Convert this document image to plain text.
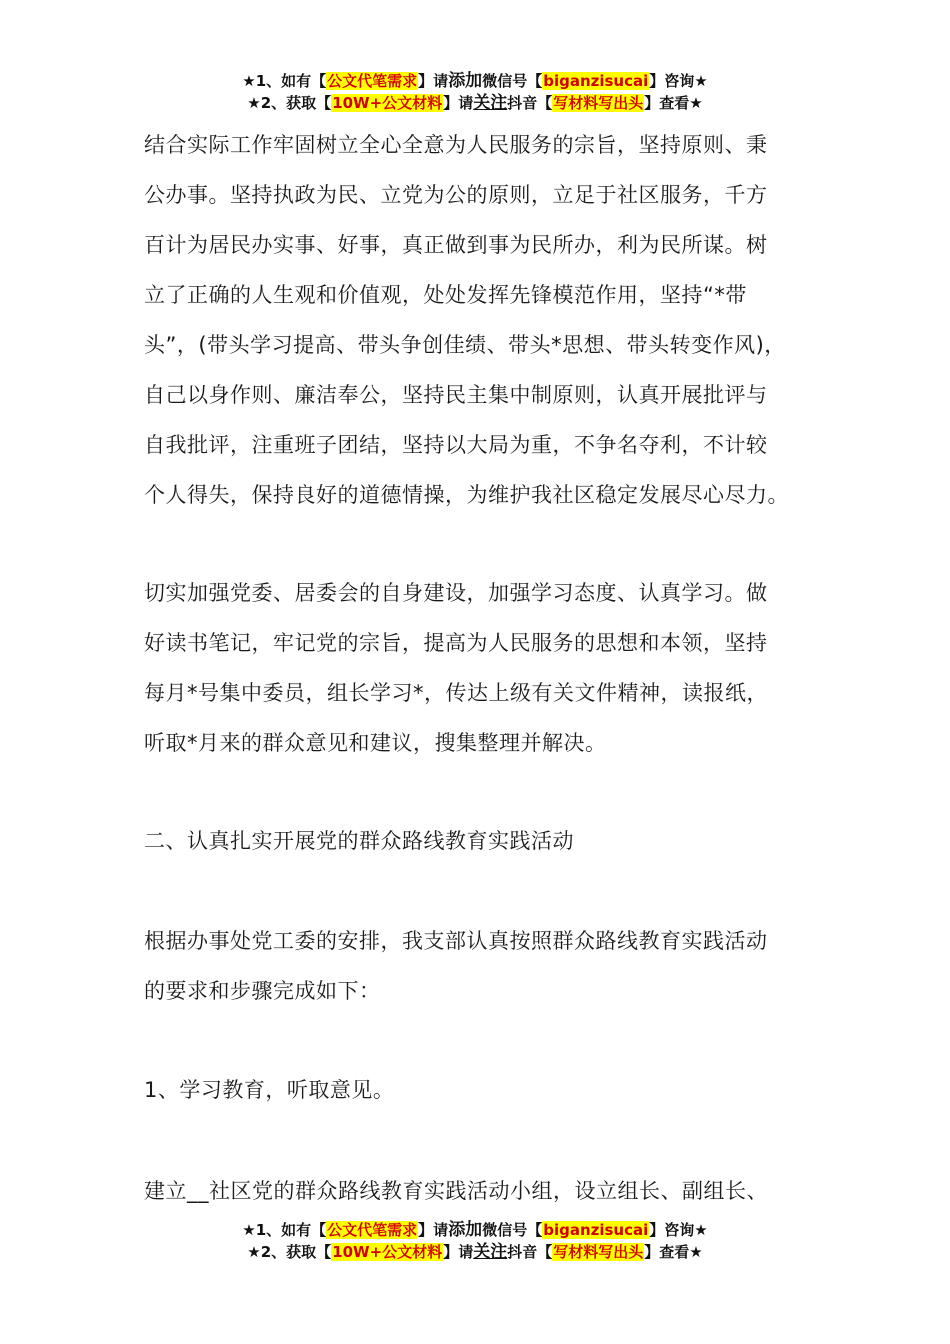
★1、如有【公文代笔需求】请添加微信号【biganzisucai】咨询★
★2、获取【10W+公文材料】请关注抖音【写材料写出头】查看★

结合实际工作牢固树立全心全意为人民服务的宗旨，坚持原则、秉
公办事。坚持执政为民、立党为公的原则，立足于社区服务，千方
百计为居民办实事、好事，真正做到事为民所办，利为民所谋。树
立了正确的人生观和价值观，处处发挥先锋模范作用，坚持“*带
头”，(带头学习提高、带头争创佳绩、带头*思想、带头转变作风)，
自己以身作则、廉洁奉公，坚持民主集中制原则，认真开展批评与
自我批评，注重班子团结，坚持以大局为重，不争名夺利，不计较
个人得失，保持良好的道德情操，为维护我社区稳定发展尽心尽力。

切实加强党委、居委会的自身建设，加强学习态度、认真学习。做
好读书笔记，牢记党的宗旨，提高为人民服务的思想和本领，坚持
每月*号集中委员，组长学习*，传达上级有关文件精神，读报纸，
听取*月来的群众意见和建议，搜集整理并解决。

二、认真扎实开展党的群众路线教育实践活动

根据办事处党工委的安排，我支部认真按照群众路线教育实践活动
的要求和步骤完成如下：

1、学习教育，听取意见。

建立__社区党的群众路线教育实践活动小组，设立组长、副组长、

★1、如有【公文代笔需求】请添加微信号【biganzisucai】咨询★
★2、获取【10W+公文材料】请关注抖音【写材料写出头】查看★
